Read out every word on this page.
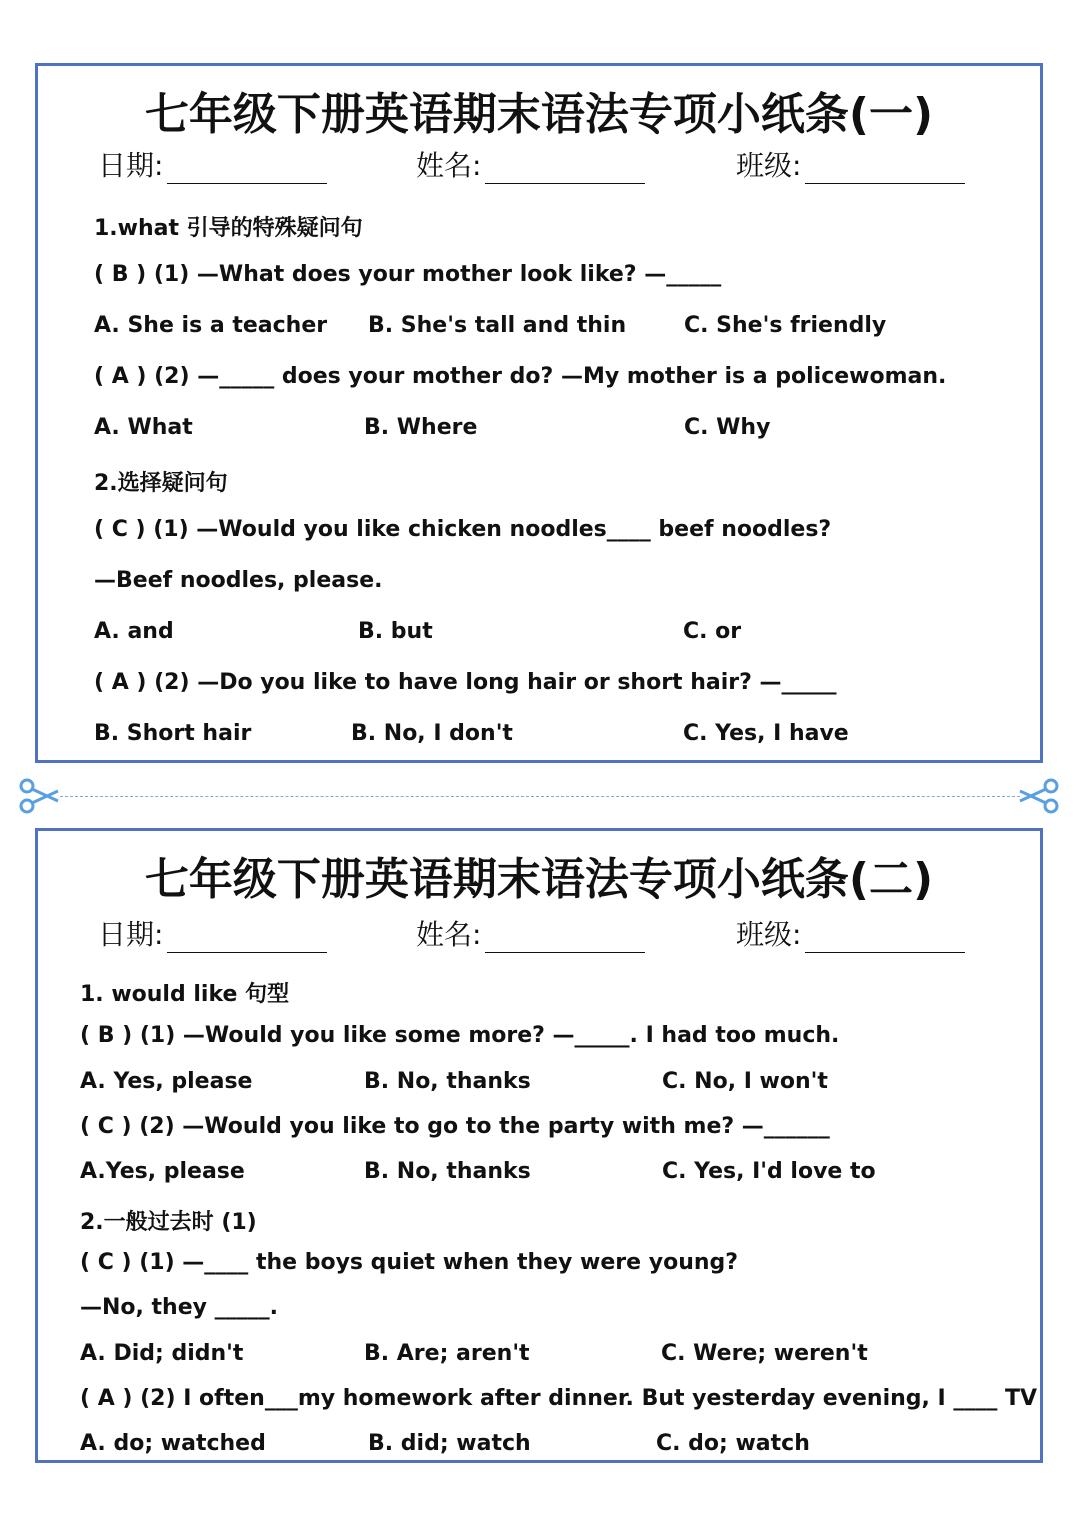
七年级下册英语期末语法专项小纸条(一)
日期:	姓名:	班级:
1.what 引导的特殊疑问句
( B ) (1) —What does your mother look like? —_____
A. She is a teacher B. She's tall and thin	C. She's friendly
( A ) (2) —_____ does your mother do? —My mother is a policewoman.
A. What	B. Where	C. Why
2.选择疑问句
( C ) (1) —Would you like chicken noodles____ beef noodles?
—Beef noodles, please.
A. and	B. but	C. or
( A ) (2) —Do you like to have long hair or short hair? —_____
B. Short hair	B. No, I don't	C. Yes, I have
七年级下册英语期末语法专项小纸条(二)
日期:	姓名:	班级:
1. would like 句型
( B ) (1) —Would you like some more? —_____. I had too much.
A. Yes, please	B. No, thanks	C. No, I won't
( C ) (2) —Would you like to go to the party with me? —______
A.Yes, please	B. No, thanks	C. Yes, I'd love to
2.一般过去时 (1)
( C ) (1) —____ the boys quiet when they were young?
—No, they _____.
A. Did; didn't	B. Are; aren't	C. Were; weren't
( A ) (2) I often___my homework after dinner. But yesterday evening, I ____ TV
A. do; watched	B. did; watch	C. do; watch
